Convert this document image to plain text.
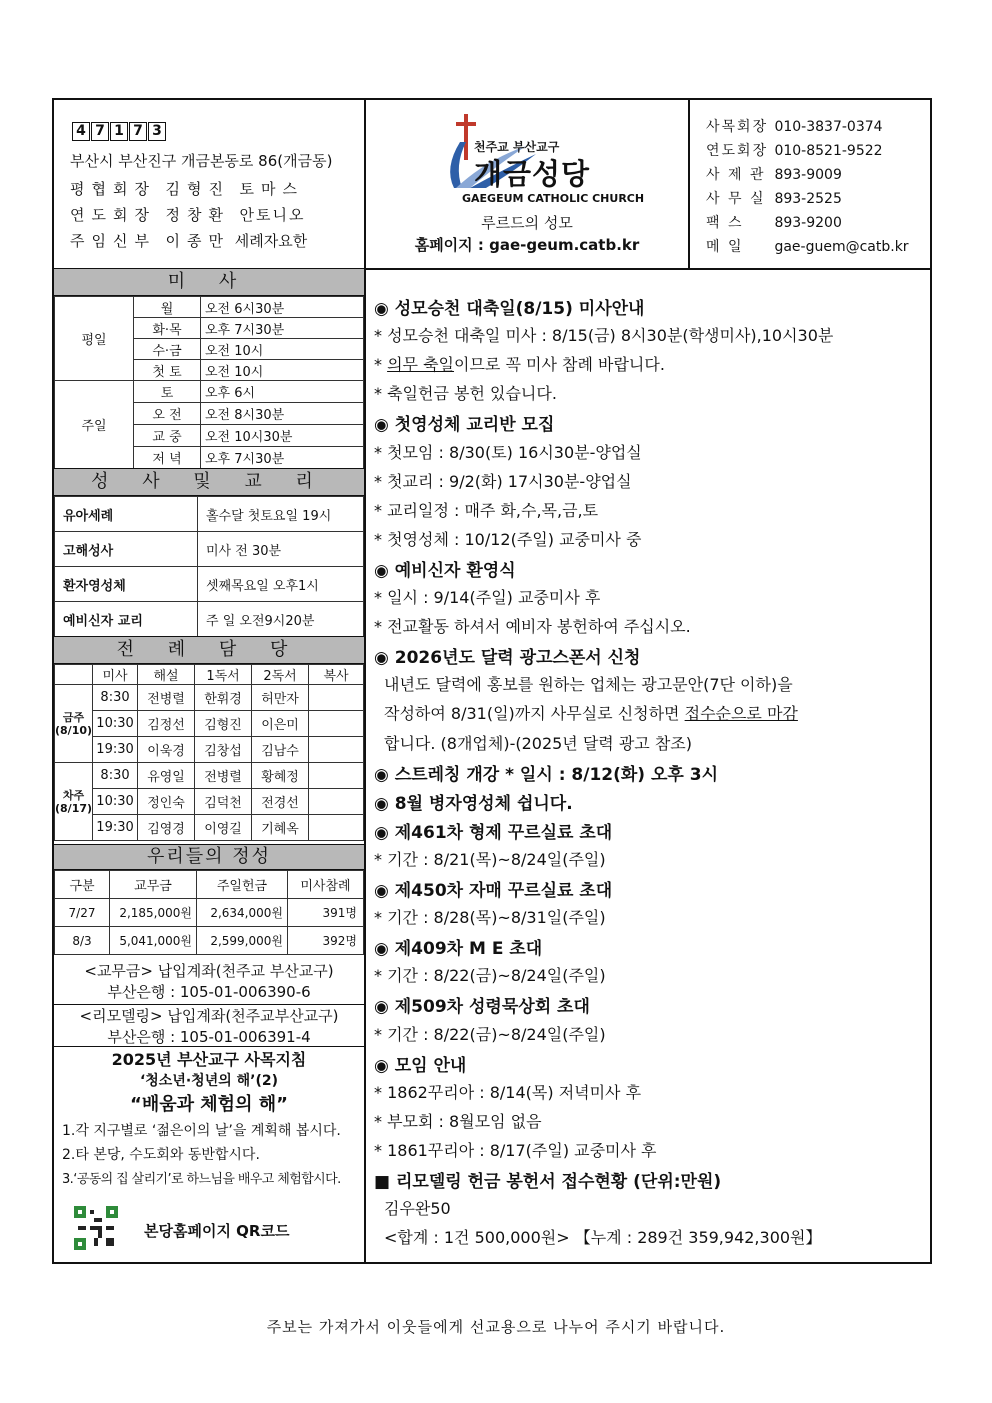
4 7 1 7 3
부산시 부산진구 개금본동로 86(개금동)
평협회장 김형진 토마스
연도회장 정창환 안토니오
주임신부 이종만 세례자요한
천주교 부산교구
개금성당
GAEGEUM CATHOLIC CHURCH
루르드의 성모
홈페이지 : gae-geum.catb.kr
사목회장 010-3837-0374
연도회장 010-8521-9522
사 제 관 893-9009
사 무 실 893-2525
팩 스 893-9200
메 일 gae-guem@catb.kr
미 사
평일	월	오전 6시30분
	화·목	오후 7시30분
	수·금	오전 10시
	첫 토	오전 10시
주일	토	오후 6시
	오 전	오전 8시30분
	교 중	오전 10시30분
	저 녁	오후 7시30분
성 사 및 교 리
유아세례	홀수달 첫토요일 19시
고해성사	미사 전 30분
환자영성체	셋째목요일 오후1시
예비신자 교리	주 일 오전9시20분
전 례 담 당
	미사	해설	1독서	2독서	복사
금주 (8/10)	8:30	전병렬	한휘경	허만자	
	10:30	김정선	김형진	이은미	
	19:30	이욱경	김창섭	김남수	
차주 (8/17)	8:30	유영일	전병렬	황혜정	
	10:30	정인숙	김덕천	전경선	
	19:30	김영경	이영길	기혜옥	
우리들의 정성
구분	교무금	주일헌금	미사참례
7/27	2,185,000원	2,634,000원	391명
8/3	5,041,000원	2,599,000원	392명
<교무금> 납입계좌(천주교 부산교구)
부산은행 : 105-01-006390-6
<리모델링> 납입계좌(천주교부산교구)
부산은행 : 105-01-006391-4
2025년 부산교구 사목지침
‘청소년·청년의 해’(2)
“배움과 체험의 해”
1.각 지구별로 ‘젊은이의 날’을 계획해 봅시다.
2.타 본당, 수도회와 동반합시다.
3.‘공동의 집 살리기’로 하느님을 배우고 체험합시다.
본당홈페이지 QR코드
◉ 성모승천 대축일(8/15) 미사안내
* 성모승천 대축일 미사 : 8/15(금) 8시30분(학생미사),10시30분
* 의무 축일이므로 꼭 미사 참례 바랍니다.
* 축일헌금 봉헌 있습니다.
◉ 첫영성체 교리반 모집
* 첫모임 : 8/30(토) 16시30분-양업실
* 첫교리 : 9/2(화) 17시30분-양업실
* 교리일정 : 매주 화,수,목,금,토
* 첫영성체 : 10/12(주일) 교중미사 중
◉ 예비신자 환영식
* 일시 : 9/14(주일) 교중미사 후
* 전교활동 하셔서 예비자 봉헌하여 주십시오.
◉ 2026년도 달력 광고스폰서 신청
내년도 달력에 홍보를 원하는 업체는 광고문안(7단 이하)을
작성하여 8/31(일)까지 사무실로 신청하면 접수순으로 마감
합니다. (8개업체)-(2025년 달력 광고 참조)
◉ 스트레칭 개강 * 일시 : 8/12(화) 오후 3시
◉ 8월 병자영성체 쉽니다.
◉ 제461차 형제 꾸르실료 초대
* 기간 : 8/21(목)~8/24일(주일)
◉ 제450차 자매 꾸르실료 초대
* 기간 : 8/28(목)~8/31일(주일)
◉ 제409차 M E 초대
* 기간 : 8/22(금)~8/24일(주일)
◉ 제509차 성령묵상회 초대
* 기간 : 8/22(금)~8/24일(주일)
◉ 모임 안내
* 1862꾸리아 : 8/14(목) 저녁미사 후
* 부모회 : 8월모임 없음
* 1861꾸리아 : 8/17(주일) 교중미사 후
■ 리모델링 헌금 봉헌서 접수현황 (단위:만원)
김우완50
<합계 : 1건 500,000원> 【누계 : 289건 359,942,300원】
주보는 가져가서 이웃들에게 선교용으로 나누어 주시기 바랍니다.
